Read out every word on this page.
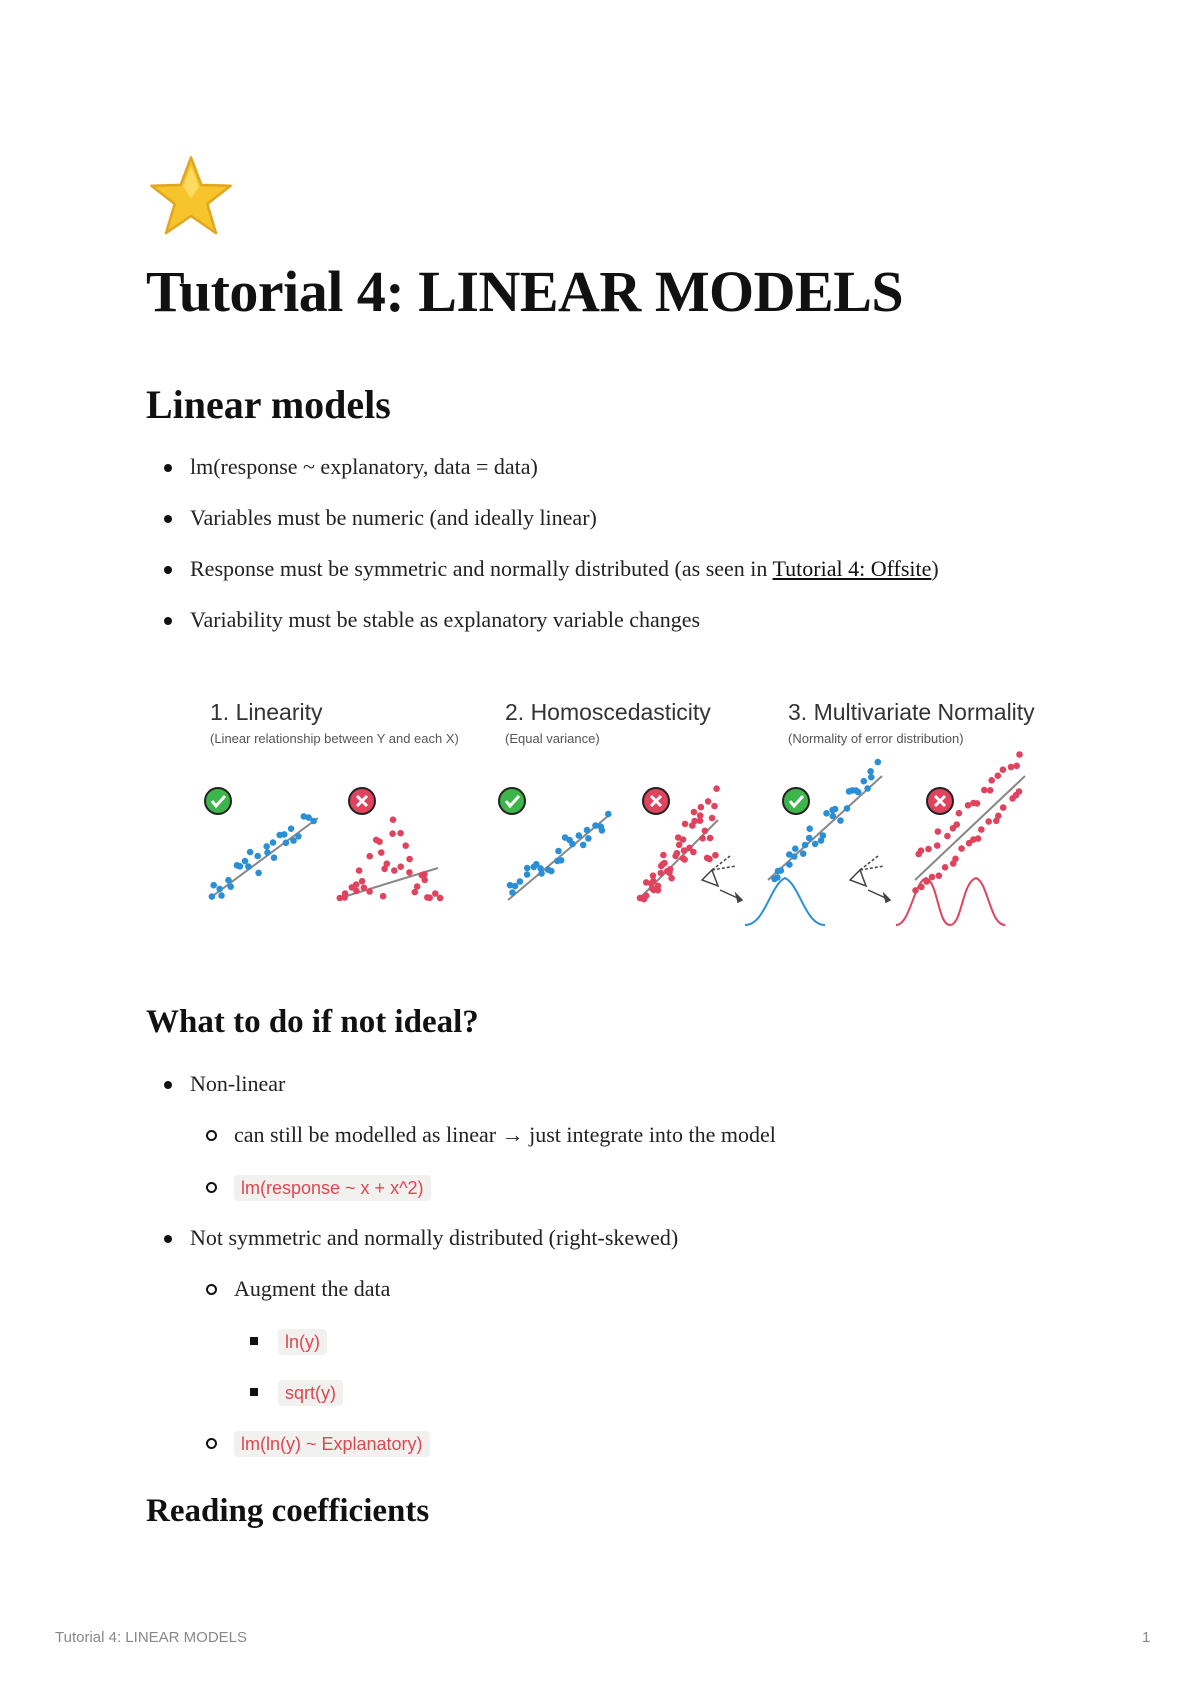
Tutorial 4: LINEAR MODELS
Linear models
lm(response ~ explanatory, data = data)
Variables must be numeric (and ideally linear)
Response must be symmetric and normally distributed (as seen in Tutorial 4: Offsite)
Variability must be stable as explanatory variable changes
1. Linearity
(Linear relationship between Y and each X)
2. Homoscedasticity
(Equal variance)
3. Multivariate Normality
(Normality of error distribution)
What to do if not ideal?
Non-linear
can still be modelled as linear → just integrate into the model
lm(response ~ x + x^2)
Not symmetric and normally distributed (right-skewed)
Augment the data
ln(y)
sqrt(y)
lm(ln(y) ~ Explanatory)
Reading coefficients
Tutorial 4: LINEAR MODELS	1
